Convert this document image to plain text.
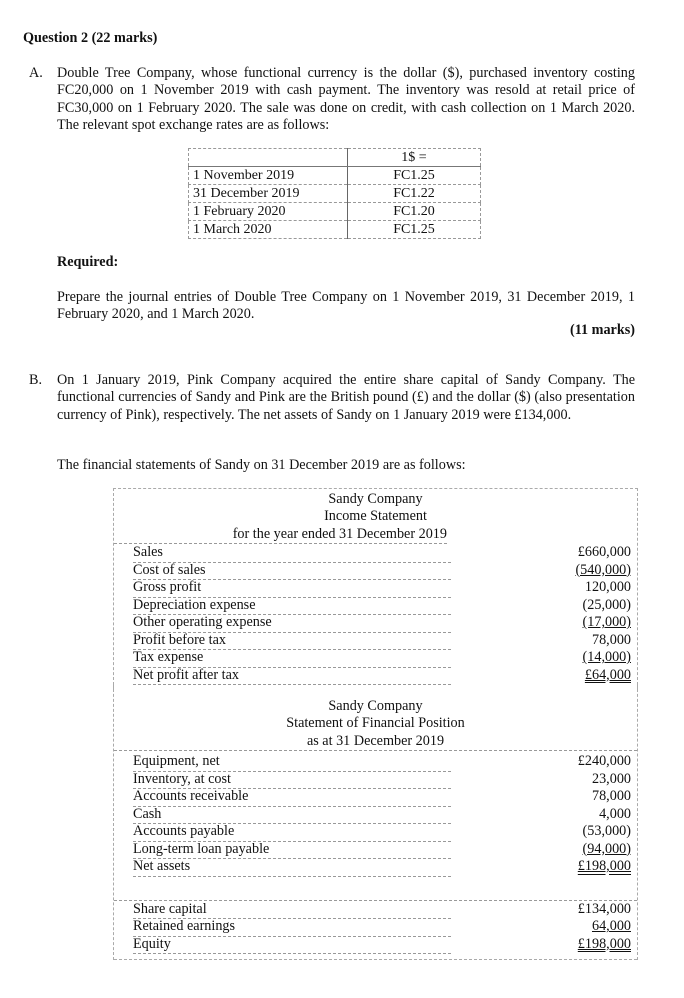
Question 2 (22 marks)
A. Double Tree Company, whose functional currency is the dollar ($), purchased inventory costing FC20,000 on 1 November 2019 with cash payment. The inventory was resold at retail price of FC30,000 on 1 February 2020. The sale was done on credit, with cash collection on 1 March 2020. The relevant spot exchange rates are as follows:
	1$ =
1 November 2019	FC1.25
31 December 2019	FC1.22
1 February 2020	FC1.20
1 March 2020	FC1.25
Required:
Prepare the journal entries of Double Tree Company on 1 November 2019, 31 December 2019, 1 February 2020, and 1 March 2020.
(11 marks)
B. On 1 January 2019, Pink Company acquired the entire share capital of Sandy Company. The functional currencies of Sandy and Pink are the British pound (£) and the dollar ($) (also presentation currency of Pink), respectively. The net assets of Sandy on 1 January 2019 were £134,000.
The financial statements of Sandy on 31 December 2019 are as follows:
Sandy Company
Income Statement
for the year ended 31 December 2019
Sales	£660,000
Cost of sales	(540,000)
Gross profit	120,000
Depreciation expense	(25,000)
Other operating expense	(17,000)
Profit before tax	78,000
Tax expense	(14,000)
Net profit after tax	£64,000
Sandy Company
Statement of Financial Position
as at 31 December 2019
Equipment, net	£240,000
Inventory, at cost	23,000
Accounts receivable	78,000
Cash	4,000
Accounts payable	(53,000)
Long-term loan payable	(94,000)
Net assets	£198,000
Share capital	£134,000
Retained earnings	64,000
Equity	£198,000
